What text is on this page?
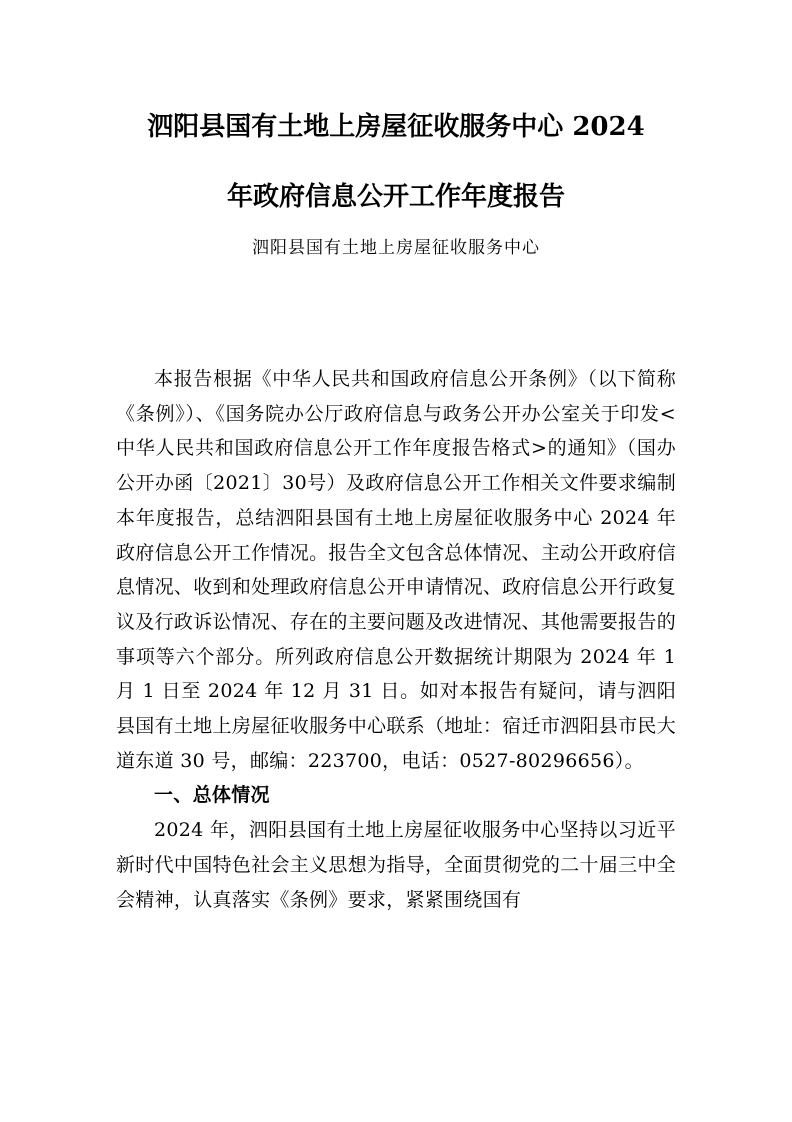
泗阳县国有土地上房屋征收服务中心 2024
年政府信息公开工作年度报告

泗阳县国有土地上房屋征收服务中心

本报告根据《中华人民共和国政府信息公开条例》（以下简称《条例》）、《国务院办公厅政府信息与政务公开办公室关于印发<中华人民共和国政府信息公开工作年度报告格式>的通知》（国办公开办函〔2021〕30号）及政府信息公开工作相关文件要求编制本年度报告，总结泗阳县国有土地上房屋征收服务中心 2024 年政府信息公开工作情况。报告全文包含总体情况、主动公开政府信息情况、收到和处理政府信息公开申请情况、政府信息公开行政复议及行政诉讼情况、存在的主要问题及改进情况、其他需要报告的事项等六个部分。所列政府信息公开数据统计期限为 2024 年 1 月 1 日至 2024 年 12 月 31 日。如对本报告有疑问，请与泗阳县国有土地上房屋征收服务中心联系（地址：宿迁市泗阳县市民大道东道 30 号，邮编：223700，电话：0527-80296656）。

一、总体情况

2024 年，泗阳县国有土地上房屋征收服务中心坚持以习近平新时代中国特色社会主义思想为指导，全面贯彻党的二十届三中全会精神，认真落实《条例》要求，紧紧围绕国有
